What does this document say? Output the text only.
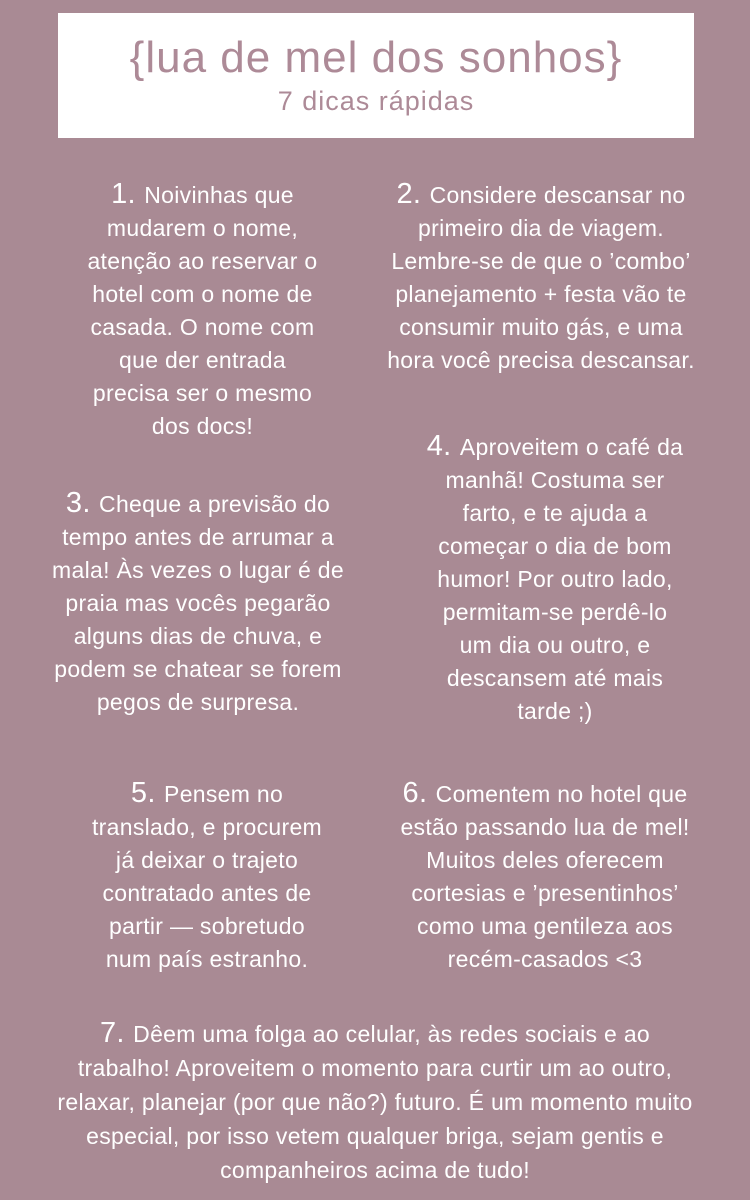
{lua de mel dos sonhos}
7 dicas rápidas
1. Noivinhas que
mudarem o nome,
atenção ao reservar o
hotel com o nome de
casada. O nome com
que der entrada
precisa ser o mesmo
dos docs!
2. Considere descansar no
primeiro dia de viagem.
Lembre-se de que o ’combo’
planejamento + festa vão te
consumir muito gás, e uma
hora você precisa descansar.
3. Cheque a previsão do
tempo antes de arrumar a
mala! Às vezes o lugar é de
praia mas vocês pegarão
alguns dias de chuva, e
podem se chatear se forem
pegos de surpresa.
4. Aproveitem o café da
manhã! Costuma ser
farto, e te ajuda a
começar o dia de bom
humor! Por outro lado,
permitam-se perdê-lo
um dia ou outro, e
descansem até mais
tarde ;)
5. Pensem no
translado, e procurem
já deixar o trajeto
contratado antes de
partir — sobretudo
num país estranho.
6. Comentem no hotel que
estão passando lua de mel!
Muitos deles oferecem
cortesias e ’presentinhos’
como uma gentileza aos
recém-casados <3
7. Dêem uma folga ao celular, às redes sociais e ao
trabalho! Aproveitem o momento para curtir um ao outro,
relaxar, planejar (por que não?) futuro. É um momento muito
especial, por isso vetem qualquer briga, sejam gentis e
companheiros acima de tudo!
